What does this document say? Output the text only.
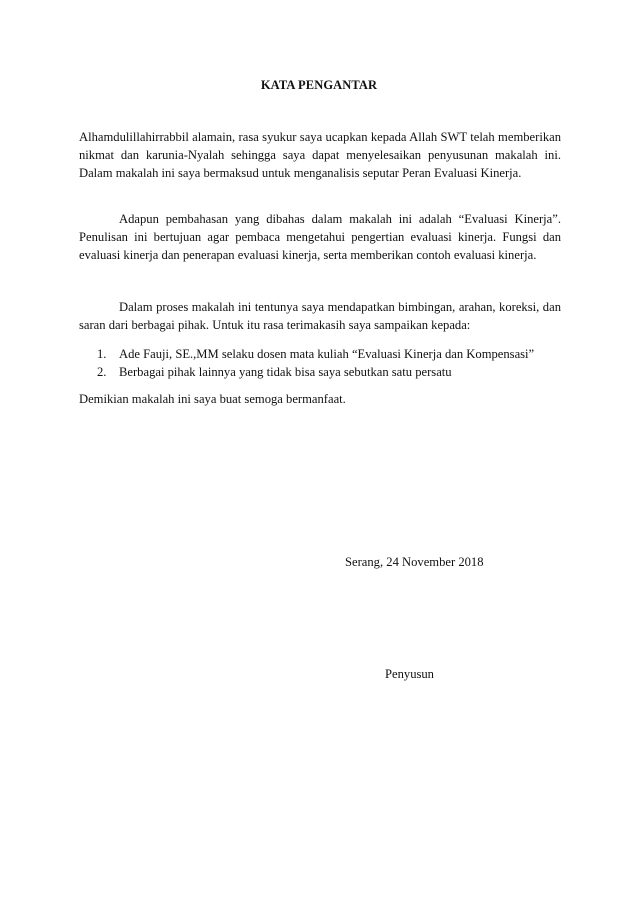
KATA PENGANTAR

Alhamdulillahirrabbil alamain, rasa syukur saya ucapkan kepada Allah SWT telah memberikan nikmat dan karunia-Nyalah sehingga saya dapat menyelesaikan penyusunan makalah ini. Dalam makalah ini saya bermaksud untuk menganalisis seputar Peran Evaluasi Kinerja.

Adapun pembahasan yang dibahas dalam makalah ini adalah “Evaluasi Kinerja”. Penulisan ini bertujuan agar pembaca mengetahui pengertian evaluasi kinerja. Fungsi dan evaluasi kinerja dan penerapan evaluasi kinerja, serta memberikan contoh evaluasi kinerja.

Dalam proses makalah ini tentunya saya mendapatkan bimbingan, arahan, koreksi, dan saran dari berbagai pihak. Untuk itu rasa terimakasih saya sampaikan kepada:

1. Ade Fauji, SE.,MM selaku dosen mata kuliah “Evaluasi Kinerja dan Kompensasi”
2. Berbagai pihak lainnya yang tidak bisa saya sebutkan satu persatu
Demikian makalah ini saya buat semoga bermanfaat.
Serang, 24 November 2018
Penyusun
